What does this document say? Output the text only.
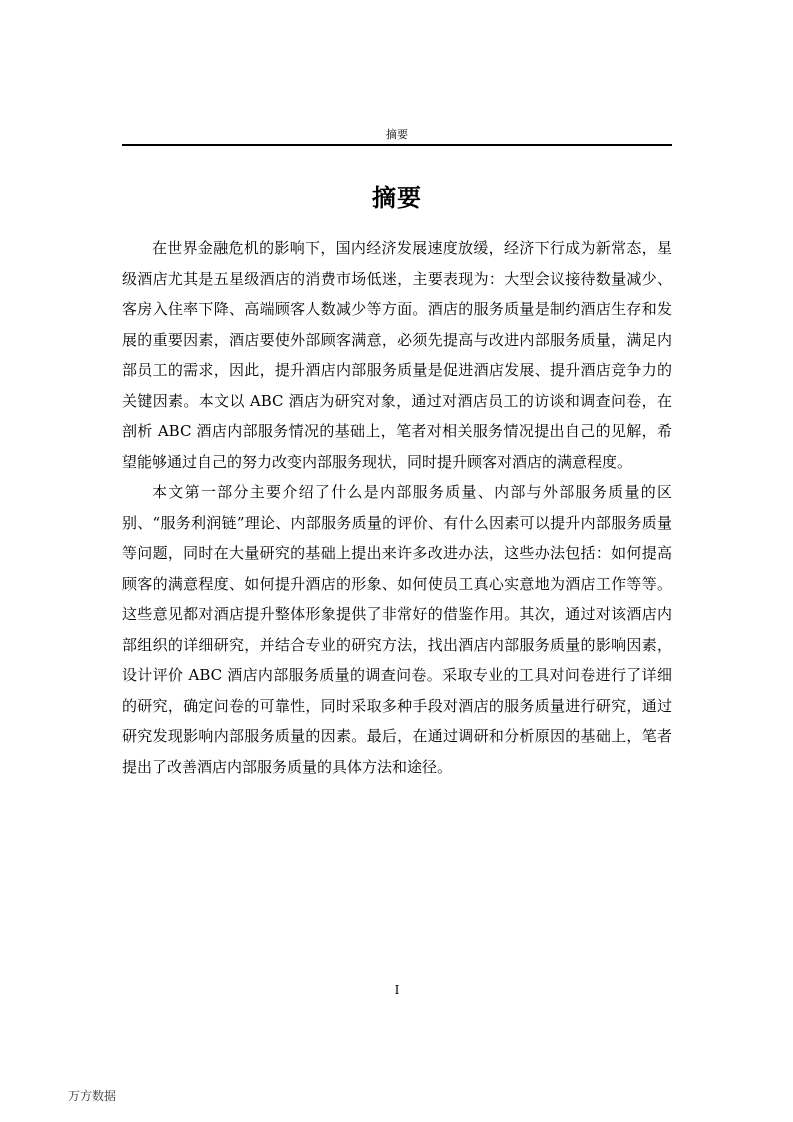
摘要
摘要

在世界金融危机的影响下，国内经济发展速度放缓，经济下行成为新常态，星级酒店尤其是五星级酒店的消费市场低迷，主要表现为：大型会议接待数量减少、客房入住率下降、高端顾客人数减少等方面。酒店的服务质量是制约酒店生存和发展的重要因素，酒店要使外部顾客满意，必须先提高与改进内部服务质量，满足内部员工的需求，因此，提升酒店内部服务质量是促进酒店发展、提升酒店竞争力的关键因素。本文以 ABC 酒店为研究对象，通过对酒店员工的访谈和调查问卷，在剖析 ABC 酒店内部服务情况的基础上，笔者对相关服务情况提出自己的见解，希望能够通过自己的努力改变内部服务现状，同时提升顾客对酒店的满意程度。

本文第一部分主要介绍了什么是内部服务质量、内部与外部服务质量的区别、“服务利润链”理论、内部服务质量的评价、有什么因素可以提升内部服务质量等问题，同时在大量研究的基础上提出来许多改进办法，这些办法包括：如何提高顾客的满意程度、如何提升酒店的形象、如何使员工真心实意地为酒店工作等等。这些意见都对酒店提升整体形象提供了非常好的借鉴作用。其次，通过对该酒店内部组织的详细研究，并结合专业的研究方法，找出酒店内部服务质量的影响因素，设计评价 ABC 酒店内部服务质量的调查问卷。采取专业的工具对问卷进行了详细的研究，确定问卷的可靠性，同时采取多种手段对酒店的服务质量进行研究，通过研究发现影响内部服务质量的因素。最后，在通过调研和分析原因的基础上，笔者提出了改善酒店内部服务质量的具体方法和途径。

I
万方数据
